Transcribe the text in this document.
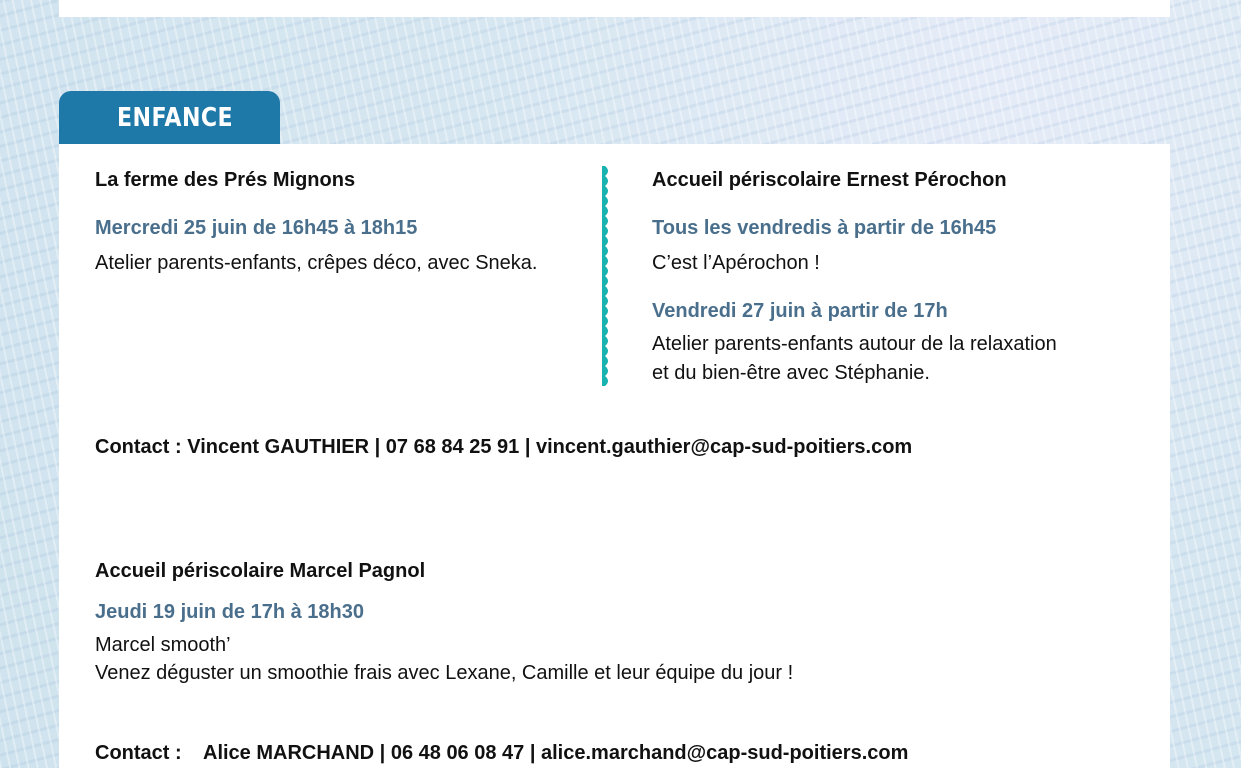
ENFANCE
La ferme des Prés Mignons
Mercredi 25 juin de 16h45 à 18h15
Atelier parents-enfants, crêpes déco, avec Sneka.
Accueil périscolaire Ernest Pérochon
Tous les vendredis à partir de 16h45
C’est l’Apérochon !
Vendredi 27 juin à partir de 17h
Atelier parents-enfants autour de la relaxation
et du bien-être avec Stéphanie.
Contact : Vincent GAUTHIER | 07 68 84 25 91 | vincent.gauthier@cap-sud-poitiers.com
Accueil périscolaire Marcel Pagnol
Jeudi 19 juin de 17h à 18h30
Marcel smooth’
Venez déguster un smoothie frais avec Lexane, Camille et leur équipe du jour !
Contact : Alice MARCHAND | 06 48 06 08 47 | alice.marchand@cap-sud-poitiers.com
